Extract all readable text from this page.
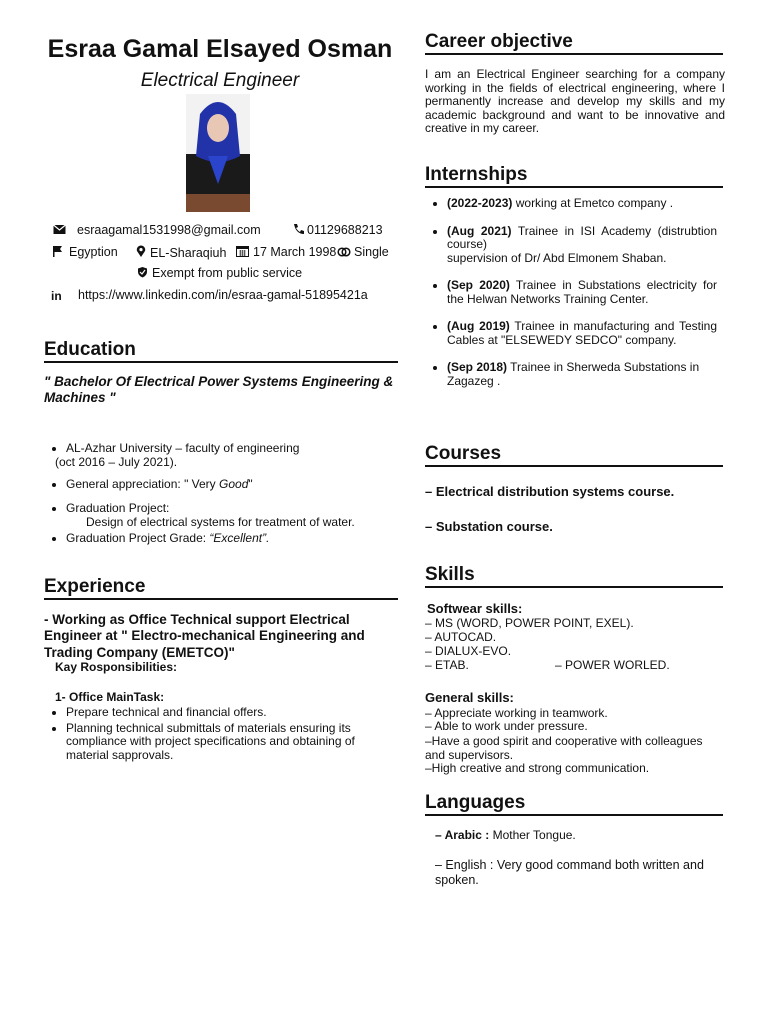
Esraa Gamal Elsayed Osman
Electrical Engineer
esraagamal1531998@gmail.com	01129688213
Egyption	EL-Sharaqiuh	17 March 1998	Single
Exempt from public service
in https://www.linkedin.com/in/esraa-gamal-51895421a
Education
" Bachelor Of Electrical Power Systems Engineering & Machines "
• AL-Azhar University – faculty of engineering
(oct 2016 – July 2021).
• General appreciation: " Very Good"
• Graduation Project:
Design of electrical systems for treatment of water.
• Graduation Project Grade: “Excellent”.
Experience
- Working as Office Technical support Electrical Engineer at " Electro-mechanical Engineering and Trading Company (EMETCO)"
Kay Rosponsibilities:
1- Office MainTask:
• Prepare technical and financial offers.
• Planning technical submittals of materials ensuring its compliance with project specifications and obtaining of material sapprovals.
Career objective
I am an Electrical Engineer searching for a company working in the fields of electrical engineering, where I permanently increase and develop my skills and my academic background and want to be innovative and creative in my career.
Internships
• (2022-2023) working at Emetco company .
• (Aug 2021) Trainee in ISI Academy (distrubtion course)
supervision of Dr/ Abd Elmonem Shaban.
• (Sep 2020) Trainee in Substations electricity for the Helwan Networks Training Center.
• (Aug 2019) Trainee in manufacturing and Testing Cables at "ELSEWEDY SEDCO" company.
• (Sep 2018) Trainee in Sherweda Substations in Zagazeg .
Courses
– Electrical distribution systems course.
– Substation course.
Skills
Softwear skills:
– MS (WORD, POWER POINT, EXEL).
– AUTOCAD.
– DIALUX-EVO.
– ETAB.	– POWER WORLED.
General skills:
– Appreciate working in teamwork.
– Able to work under pressure.
–Have a good spirit and cooperative with colleagues and supervisors.
–High creative and strong communication.
Languages
– Arabic : Mother Tongue.
– English : Very good command both written and spoken.
